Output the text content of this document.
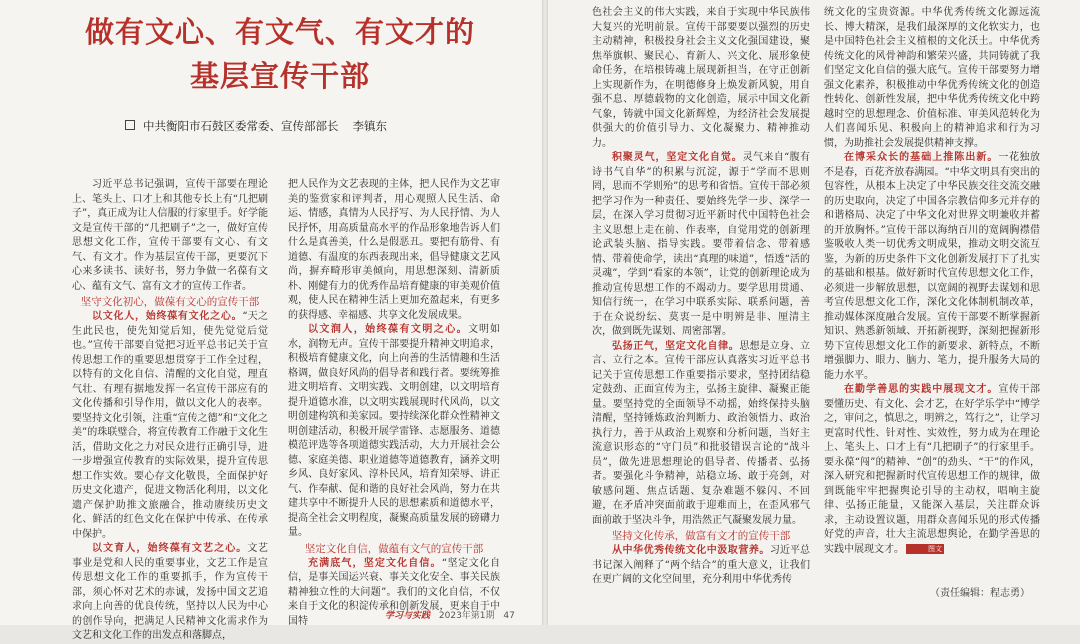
做有文心、有文气、有文才的
基层宣传干部
中共衡阳市石鼓区委常委、宣传部部长 李镇东

习近平总书记强调，宣传干部要在理论上、笔头上、口才上和其他专长上有“几把刷子”，真正成为让人信服的行家里手。好学能文是宣传干部的“几把刷子”之一，做好宣传思想文化工作，宣传干部要有文心、有文气、有文才。作为基层宣传干部，更要沉下心来多读书、读好书，努力争做一名葆有文心、蕴有文气、富有文才的宣传工作者。

坚守文化初心，做葆有文心的宣传干部

以文化人，始终葆有文化之心。“天之生此民也，使先知觉后知，使先觉觉后觉也。”宣传干部要自觉把习近平总书记关于宣传思想工作的重要思想贯穿于工作全过程，以特有的文化自信、清醒的文化自觉，理直气壮、有理有据地发挥一名宣传干部应有的文化传播和引导作用，做以文化人的表率。要坚持文化引领，注重“宣传之德”和“文化之美”的珠联璧合，将宣传教育工作融于文化生活，借助文化之力对民众进行正确引导，进一步增强宣传教育的实际效果，提升宣传思想工作实效。要心存文化敬畏，全面保护好历史文化遗产，促进文物活化利用，以文化遗产保护助推文旅融合，推动赓续历史文化、鲜活的红色文化在保护中传承、在传承中保护。

以文育人，始终葆有文艺之心。文艺事业是党和人民的重要事业，文艺工作是宣传思想文化工作的重要抓手，作为宣传干部，须心怀对艺术的赤诚，发扬中国文艺追求向上向善的优良传统，坚持以人民为中心的创作导向，把满足人民精神文化需求作为文艺和文化工作的出发点和落脚点，

把人民作为文艺表现的主体，把人民作为文艺审美的鉴赏家和评判者，用心观照人民生活、命运、情感，真情为人民抒写、为人民抒情、为人民抒怀，用高质量高水平的作品形象地告诉人们什么是真善美，什么是假恶丑。要把有筋骨、有道德、有温度的东西表现出来，倡导健康文艺风尚，摒弃畸形审美倾向，用思想深刻、清新质朴、刚健有力的优秀作品培育健康的审美观价值观，使人民在精神生活上更加充盈起来，有更多的获得感、幸福感、共享文化发展成果。

以文润人，始终葆有文明之心。文明如水，润物无声。宣传干部要提升精神文明追求，积极培育健康文化，向上向善的生活情趣和生活格调，做良好风尚的倡导者和践行者。要统筹推进文明培育、文明实践、文明创建，以文明培育提升道德水准，以文明实践展现时代风尚，以文明创建构筑和美家园。要持续深化群众性精神文明创建活动，积极开展学雷锋、志愿服务、道德模范评选等各项道德实践活动，大力开展社会公德、家庭美德、职业道德等道德教育，涵养文明乡风、良好家风、淳朴民风，培育知荣辱、讲正气、作奉献、促和谐的良好社会风尚，努力在共建共享中不断提升人民的思想素质和道德水平，提高全社会文明程度，凝聚高质量发展的磅礴力量。

坚定文化自信，做蕴有文气的宣传干部

充满底气，坚定文化自信。“坚定文化自信，是事关国运兴衰、事关文化安全、事关民族精神独立性的大问题”。我们的文化自信，不仅来自于文化的积淀传承和创新发展，更来自于中国特	学习与实践 2023年第1期 47

色社会主义的伟大实践，来自于实现中华民族伟大复兴的光明前景。宣传干部要要以强烈的历史主动精神，积极投身社会主义文化强国建设，聚焦举旗帜、聚民心、育新人、兴文化、展形象使命任务，在培根铸魂上展现新担当，在守正创新上实现新作为，在明德修身上焕发新风貌，用自强不息、厚德载物的文化创造，展示中国文化新气象，铸就中国文化新辉煌，为经济社会发展提供强大的价值引导力、文化凝聚力、精神推动力。

积聚灵气，坚定文化自觉。灵气来自“腹有诗书气自华”的积累与沉淀，源于“学而不思则罔，思而不学则殆”的思考和省悟。宣传干部必须把学习作为一种责任、要始终先学一步、深学一层，在深入学习贯彻习近平新时代中国特色社会主义思想上走在前、作表率，自觉用党的创新理论武装头脑、指导实践。要带着信念、带着感情、带着使命学，读出“真理的味道”，悟透“活的灵魂”，学到“看家的本领”，让党的创新理论成为推动宣传思想工作的不竭动力。要学思用贯通、知信行统一，在学习中联系实际、联系问题，善于在众说纷纭、莫衷一是中明辨是非、厘清主次，做到既先谋划、周密部署。

弘扬正气，坚定文化自律。思想是立身、立言、立行之本。宣传干部应认真落实习近平总书记关于宣传思想工作重要指示要求，坚持团结稳定鼓劲、正面宣传为主，弘扬主旋律、凝聚正能量。要坚持党的全面领导不动摇，始终保持头脑清醒，坚持锤炼政治判断力、政治领悟力、政治执行力，善于从政治上观察和分析问题，当好主流意识形态的“守门员”和批驳错误言论的“战斗员”，做先进思想理论的倡导者、传播者、弘扬者。要强化斗争精神，站稳立场、敢于亮剑，对敏感问题、焦点话题、复杂难题不躲闪、不回避，在矛盾冲突面前敢于迎难而上，在歪风邪气面前敢于坚决斗争，用浩然正气凝聚发展力量。

坚持文化传承，做富有文才的宣传干部

从中华优秀传统文化中汲取营养。习近平总书记深入阐释了“两个结合”的重大意义，让我们在更广阔的文化空间里，充分利用中华优秀传

统文化的宝贵资源。中华优秀传统文化源远流长、博大精深，是我们最深厚的文化软实力，也是中国特色社会主义植根的文化沃土。中华优秀传统文化的风骨神韵和繁荣兴盛，共同铸就了我们坚定文化自信的强大底气。宣传干部要努力增强文化素养，积极推动中华优秀传统文化的创造性转化、创新性发展，把中华优秀传统文化中跨越时空的思想理念、价值标准、审美风范转化为人们喜闻乐见、积极向上的精神追求和行为习惯，为助推社会发展提供精神支撑。

在博采众长的基础上推陈出新。一花独放不是春，百花齐放春满园。“中华文明具有突出的包容性，从根本上决定了中华民族交往交流交融的历史取向，决定了中国各宗教信仰多元并存的和谐格局、决定了中华文化对世界文明兼收并蓄的开放胸怀。”宣传干部以海纳百川的宽阔胸襟借鉴吸收人类一切优秀文明成果，推动文明交流互鉴，为新的历史条件下文化创新发展打下了扎实的基础和根基。做好新时代宣传思想文化工作，必须进一步解放思想，以宽阔的视野去谋划和思考宣传思想文化工作，深化文化体制机制改革，推动媒体深度融合发展。宣传干部要不断掌握新知识、熟悉新领域、开拓新视野，深刻把握新形势下宣传思想文化工作的新要求、新特点，不断增强脚力、眼力、脑力、笔力，提升服务大局的能力水平。

在勤学善思的实践中展现文才。宣传干部要懂历史、有文化、会才艺，在好学乐学中“博学之，审问之，慎思之，明辨之，笃行之”，让学习更富时代性、针对性、实效性，努力成为在理论上、笔头上、口才上有“几把刷子”的行家里手。要永葆“闯”的精神、“创”的劲头、“干”的作风，深入研究和把握新时代宣传思想工作的规律，做到既能牢牢把握舆论引导的主动权，唱响主旋律、弘扬正能量，又能深入基层，关注群众诉求，主动设置议题，用群众喜闻乐见的形式传播好党的声音，壮大主流思想舆论，在勤学善思的实践中展现文才。	图文

（责任编辑：程志勇）
